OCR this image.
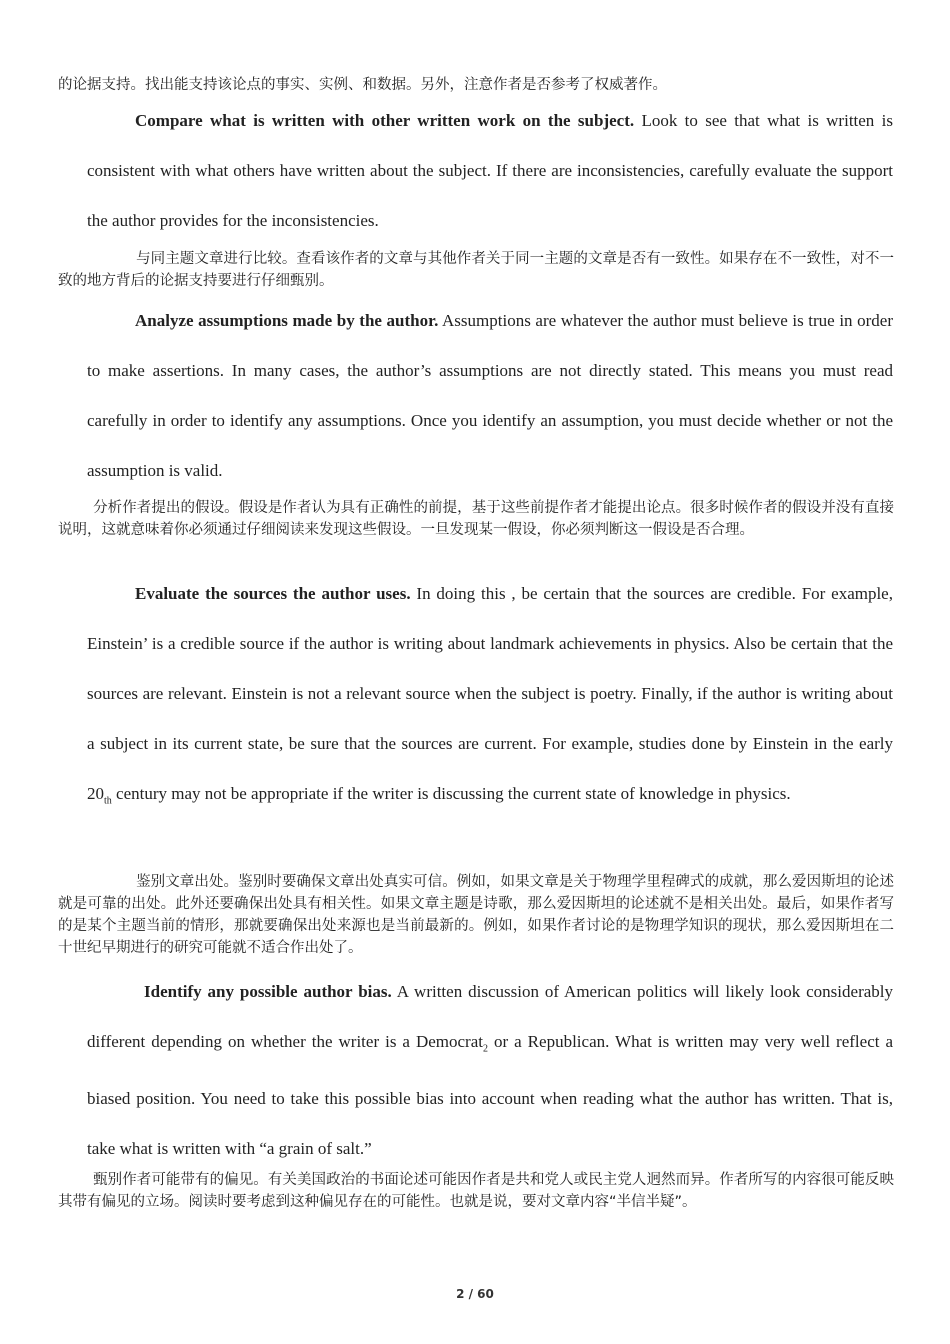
的论据支持。找出能支持该论点的事实、实例、和数据。另外，注意作者是否参考了权威著作。
Compare what is written with other written work on the subject. Look to see that what is written is consistent with what others have written about the subject. If there are inconsistencies, carefully evaluate the support the author provides for the inconsistencies.
与同主题文章进行比较。查看该作者的文章与其他作者关于同一主题的文章是否有一致性。如果存在不一致性，对不一致的地方背后的论据支持要进行仔细甄别。
Analyze assumptions made by the author. Assumptions are whatever the author must believe is true in order to make assertions. In many cases, the author’s assumptions are not directly stated. This means you must read carefully in order to identify any assumptions. Once you identify an assumption, you must decide whether or not the assumption is valid.
分析作者提出的假设。假设是作者认为具有正确性的前提，基于这些前提作者才能提出论点。很多时候作者的假设并没有直接说明，这就意味着你必须通过仔细阅读来发现这些假设。一旦发现某一假设，你必须判断这一假设是否合理。
Evaluate the sources the author uses. In doing this , be certain that the sources are credible. For example, Einstein’ is a credible source if the author is writing about landmark achievements in physics. Also be certain that the sources are relevant. Einstein is not a relevant source when the subject is poetry. Finally, if the author is writing about a subject in its current state, be sure that the sources are current. For example, studies done by Einstein in the early $20_{th}$ century may not be appropriate if the writer is discussing the current state of knowledge in physics.
鉴别文章出处。鉴别时要确保文章出处真实可信。例如，如果文章是关于物理学里程碑式的成就，那么爱因斯坦的论述就是可靠的出处。此外还要确保出处具有相关性。如果文章主题是诗歌，那么爱因斯坦的论述就不是相关出处。最后，如果作者写的是某个主题当前的情形，那就要确保出处来源也是当前最新的。例如，如果作者讨论的是物理学知识的现状，那么爱因斯坦在二十世纪早期进行的研究可能就不适合作出处了。
Identify any possible author bias. A written discussion of American politics will likely look considerably different depending on whether the writer is a Democrat$_2$ or a Republican. What is written may very well reflect a biased position. You need to take this possible bias into account when reading what the author has written. That is, take what is written with “a grain of salt.”
甄别作者可能带有的偏见。有关美国政治的书面论述可能因作者是共和党人或民主党人迥然而异。作者所写的内容很可能反映其带有偏见的立场。阅读时要考虑到这种偏见存在的可能性。也就是说，要对文章内容“半信半疑”。
2 / 60
